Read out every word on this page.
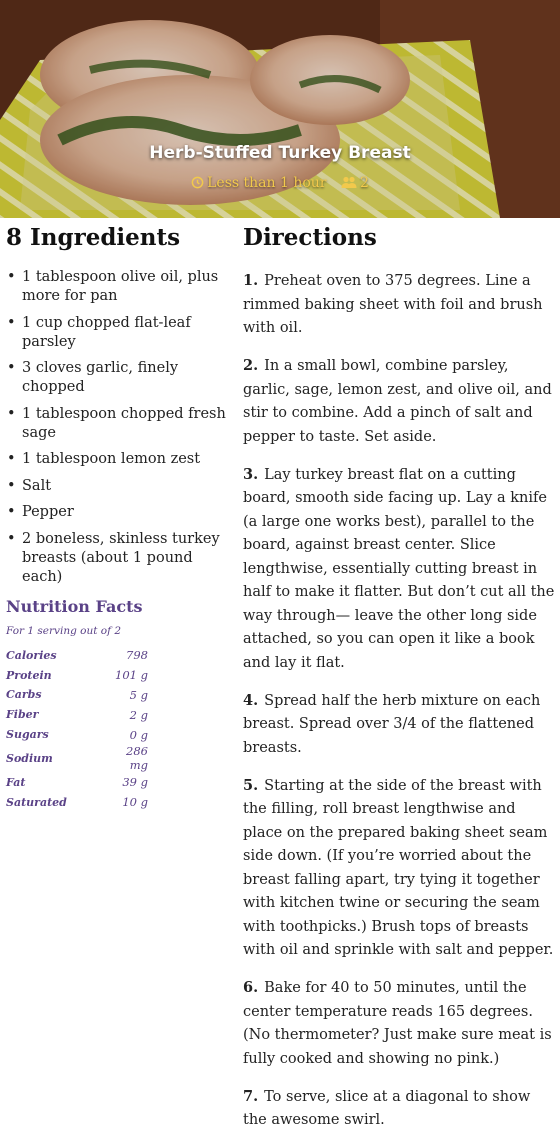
Herb-Stuffed Turkey Breast
Less than 1 hour 2
8 Ingredients
• 1 tablespoon olive oil, plus more for pan
• 1 cup chopped flat-leaf parsley
• 3 cloves garlic, finely chopped
• 1 tablespoon chopped fresh sage
• 1 tablespoon lemon zest
• Salt
• Pepper
• 2 boneless, skinless turkey breasts (about 1 pound each)
Nutrition Facts
For 1 serving out of 2
Calories	798
Protein	101 g
Carbs	5 g
Fiber	2 g
Sugars	0 g
Sodium	286 mg
Fat	39 g
Saturated	10 g
Directions
1. Preheat oven to 375 degrees. Line a rimmed baking sheet with foil and brush with oil.
2. In a small bowl, combine parsley, garlic, sage, lemon zest, and olive oil, and stir to combine. Add a pinch of salt and pepper to taste. Set aside.
3. Lay turkey breast flat on a cutting board, smooth side facing up. Lay a knife (a large one works best), parallel to the board, against breast center. Slice lengthwise, essentially cutting breast in half to make it flatter. But don’t cut all the way through— leave the other long side attached, so you can open it like a book and lay it flat.
4. Spread half the herb mixture on each breast. Spread over 3/4 of the flattened breasts.
5. Starting at the side of the breast with the filling, roll breast lengthwise and place on the prepared baking sheet seam side down. (If you’re worried about the breast falling apart, try tying it together with kitchen twine or securing the seam with toothpicks.) Brush tops of breasts with oil and sprinkle with salt and pepper.
6. Bake for 40 to 50 minutes, until the center temperature reads 165 degrees. (No thermometer? Just make sure meat is fully cooked and showing no pink.)
7. To serve, slice at a diagonal to show the awesome swirl.
